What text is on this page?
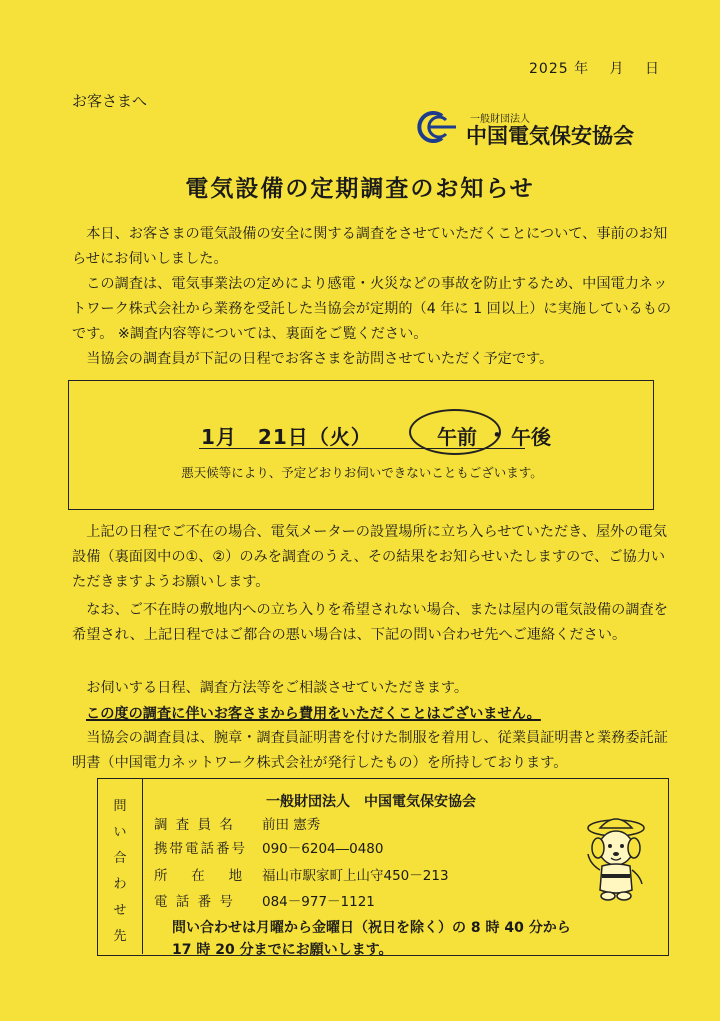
2025 年　 月　 日
お客さまへ
一般財団法人
中国電気保安協会
電気設備の定期調査のお知らせ
　本日、お客さまの電気設備の安全に関する調査をさせていただくことについて、事前のお知らせにお伺いしました。
　この調査は、電気事業法の定めにより感電・火災などの事故を防止するため、中国電力ネットワーク株式会社から業務を受託した当協会が定期的（4 年に 1 回以上）に実施しているものです。 ※調査内容等については、裏面をご覧ください。
　当協会の調査員が下記の日程でお客さまを訪問させていただく予定です。
1月　21日（火）	午前 ・ 午後
悪天候等により、予定どおりお伺いできないこともございます。
　上記の日程でご不在の場合、電気メーターの設置場所に立ち入らせていただき、屋外の電気設備（裏面図中の①、②）のみを調査のうえ、その結果をお知らせいたしますので、ご協力いただきますようお願いします。
　なお、ご不在時の敷地内への立ち入りを希望されない場合、または屋内の電気設備の調査を希望され、上記日程ではご都合の悪い場合は、下記の問い合わせ先へご連絡ください。
　お伺いする日程、調査方法等をご相談させていただきます。
この度の調査に伴いお客さまから費用をいただくことはございません。
　当協会の調査員は、腕章・調査員証明書を付けた制服を着用し、従業員証明書と業務委託証明書（中国電力ネットワーク株式会社が発行したもの）を所持しております。
問
い
合
わ
せ
先
一般財団法人　中国電気保安協会
調 査 員 名 前田 憲秀
携帯電話番号 090－6204―0480
所　 在　 地 福山市駅家町上山守450－213
電 話 番 号 084－977－1121
問い合わせは月曜から金曜日（祝日を除く）の 8 時 40 分から
17 時 20 分までにお願いします。
